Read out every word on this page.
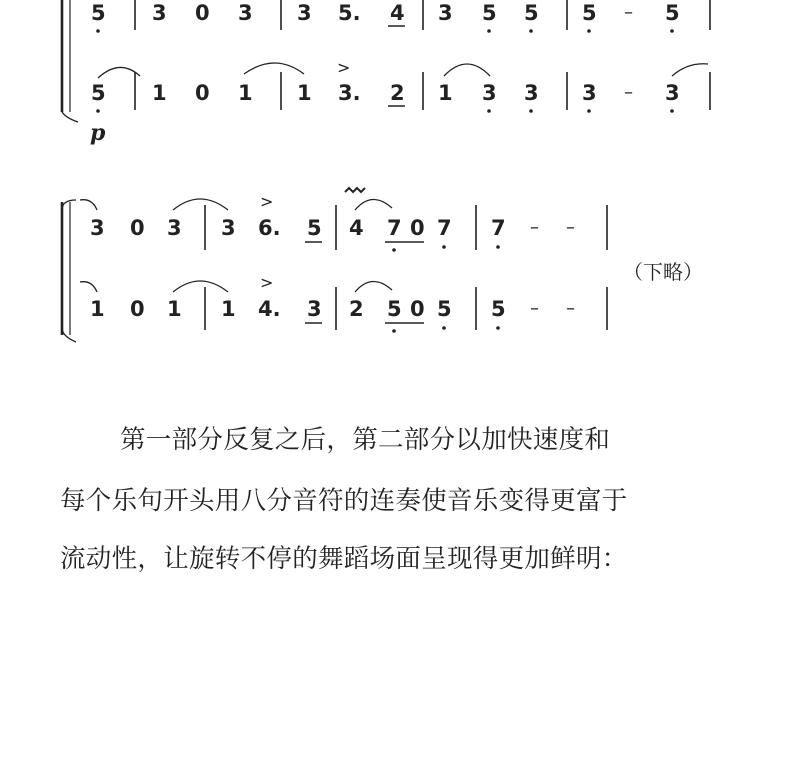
5 3 0 3 3 5. 4 3 5 5 5 – 5
5 1 0 1 1
>
3. 2 1 3 3 3 – 3
p
3 0 3 3
>
6. 5 4 7 0 7 7 – –
1 0 1 1
>
4. 3 2 5 0 5 5 – –
（下略）
第一部分反复之后，第二部分以加快速度和
每个乐句开头用八分音符的连奏使音乐变得更富于
流动性，让旋转不停的舞蹈场面呈现得更加鲜明：
